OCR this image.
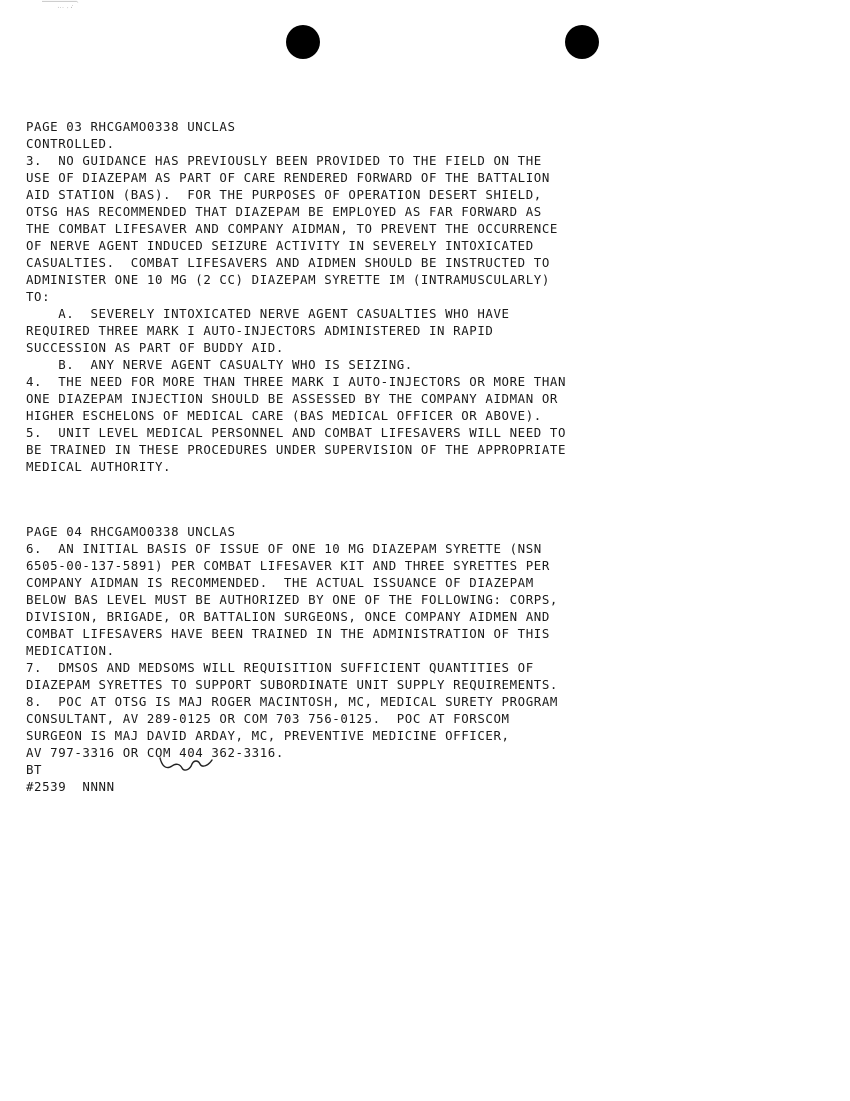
PAGE 03 RHCGAMO0338 UNCLAS
CONTROLLED.
3.  NO GUIDANCE HAS PREVIOUSLY BEEN PROVIDED TO THE FIELD ON THE
USE OF DIAZEPAM AS PART OF CARE RENDERED FORWARD OF THE BATTALION
AID STATION (BAS).  FOR THE PURPOSES OF OPERATION DESERT SHIELD,
OTSG HAS RECOMMENDED THAT DIAZEPAM BE EMPLOYED AS FAR FORWARD AS
THE COMBAT LIFESAVER AND COMPANY AIDMAN, TO PREVENT THE OCCURRENCE
OF NERVE AGENT INDUCED SEIZURE ACTIVITY IN SEVERELY INTOXICATED
CASUALTIES.  COMBAT LIFESAVERS AND AIDMEN SHOULD BE INSTRUCTED TO
ADMINISTER ONE 10 MG (2 CC) DIAZEPAM SYRETTE IM (INTRAMUSCULARLY)
TO:
A.  SEVERELY INTOXICATED NERVE AGENT CASUALTIES WHO HAVE
REQUIRED THREE MARK I AUTO-INJECTORS ADMINISTERED IN RAPID
SUCCESSION AS PART OF BUDDY AID.
B.  ANY NERVE AGENT CASUALTY WHO IS SEIZING.
4.  THE NEED FOR MORE THAN THREE MARK I AUTO-INJECTORS OR MORE THAN
ONE DIAZEPAM INJECTION SHOULD BE ASSESSED BY THE COMPANY AIDMAN OR
HIGHER ESCHELONS OF MEDICAL CARE (BAS MEDICAL OFFICER OR ABOVE).
5.  UNIT LEVEL MEDICAL PERSONNEL AND COMBAT LIFESAVERS WILL NEED TO
BE TRAINED IN THESE PROCEDURES UNDER SUPERVISION OF THE APPROPRIATE
MEDICAL AUTHORITY.
PAGE 04 RHCGAMO0338 UNCLAS
6.  AN INITIAL BASIS OF ISSUE OF ONE 10 MG DIAZEPAM SYRETTE (NSN
6505-00-137-5891) PER COMBAT LIFESAVER KIT AND THREE SYRETTES PER
COMPANY AIDMAN IS RECOMMENDED.  THE ACTUAL ISSUANCE OF DIAZEPAM
BELOW BAS LEVEL MUST BE AUTHORIZED BY ONE OF THE FOLLOWING: CORPS,
DIVISION, BRIGADE, OR BATTALION SURGEONS, ONCE COMPANY AIDMEN AND
COMBAT LIFESAVERS HAVE BEEN TRAINED IN THE ADMINISTRATION OF THIS
MEDICATION.
7.  DMSOS AND MEDSOMS WILL REQUISITION SUFFICIENT QUANTITIES OF
DIAZEPAM SYRETTES TO SUPPORT SUBORDINATE UNIT SUPPLY REQUIREMENTS.
8.  POC AT OTSG IS MAJ ROGER MACINTOSH, MC, MEDICAL SURETY PROGRAM
CONSULTANT, AV 289-0125 OR COM 703 756-0125.  POC AT FORSCOM
SURGEON IS MAJ DAVID ARDAY, MC, PREVENTIVE MEDICINE OFFICER,
AV 797-3316 OR COM 404 362-3316.
BT
#2539  NNNN
